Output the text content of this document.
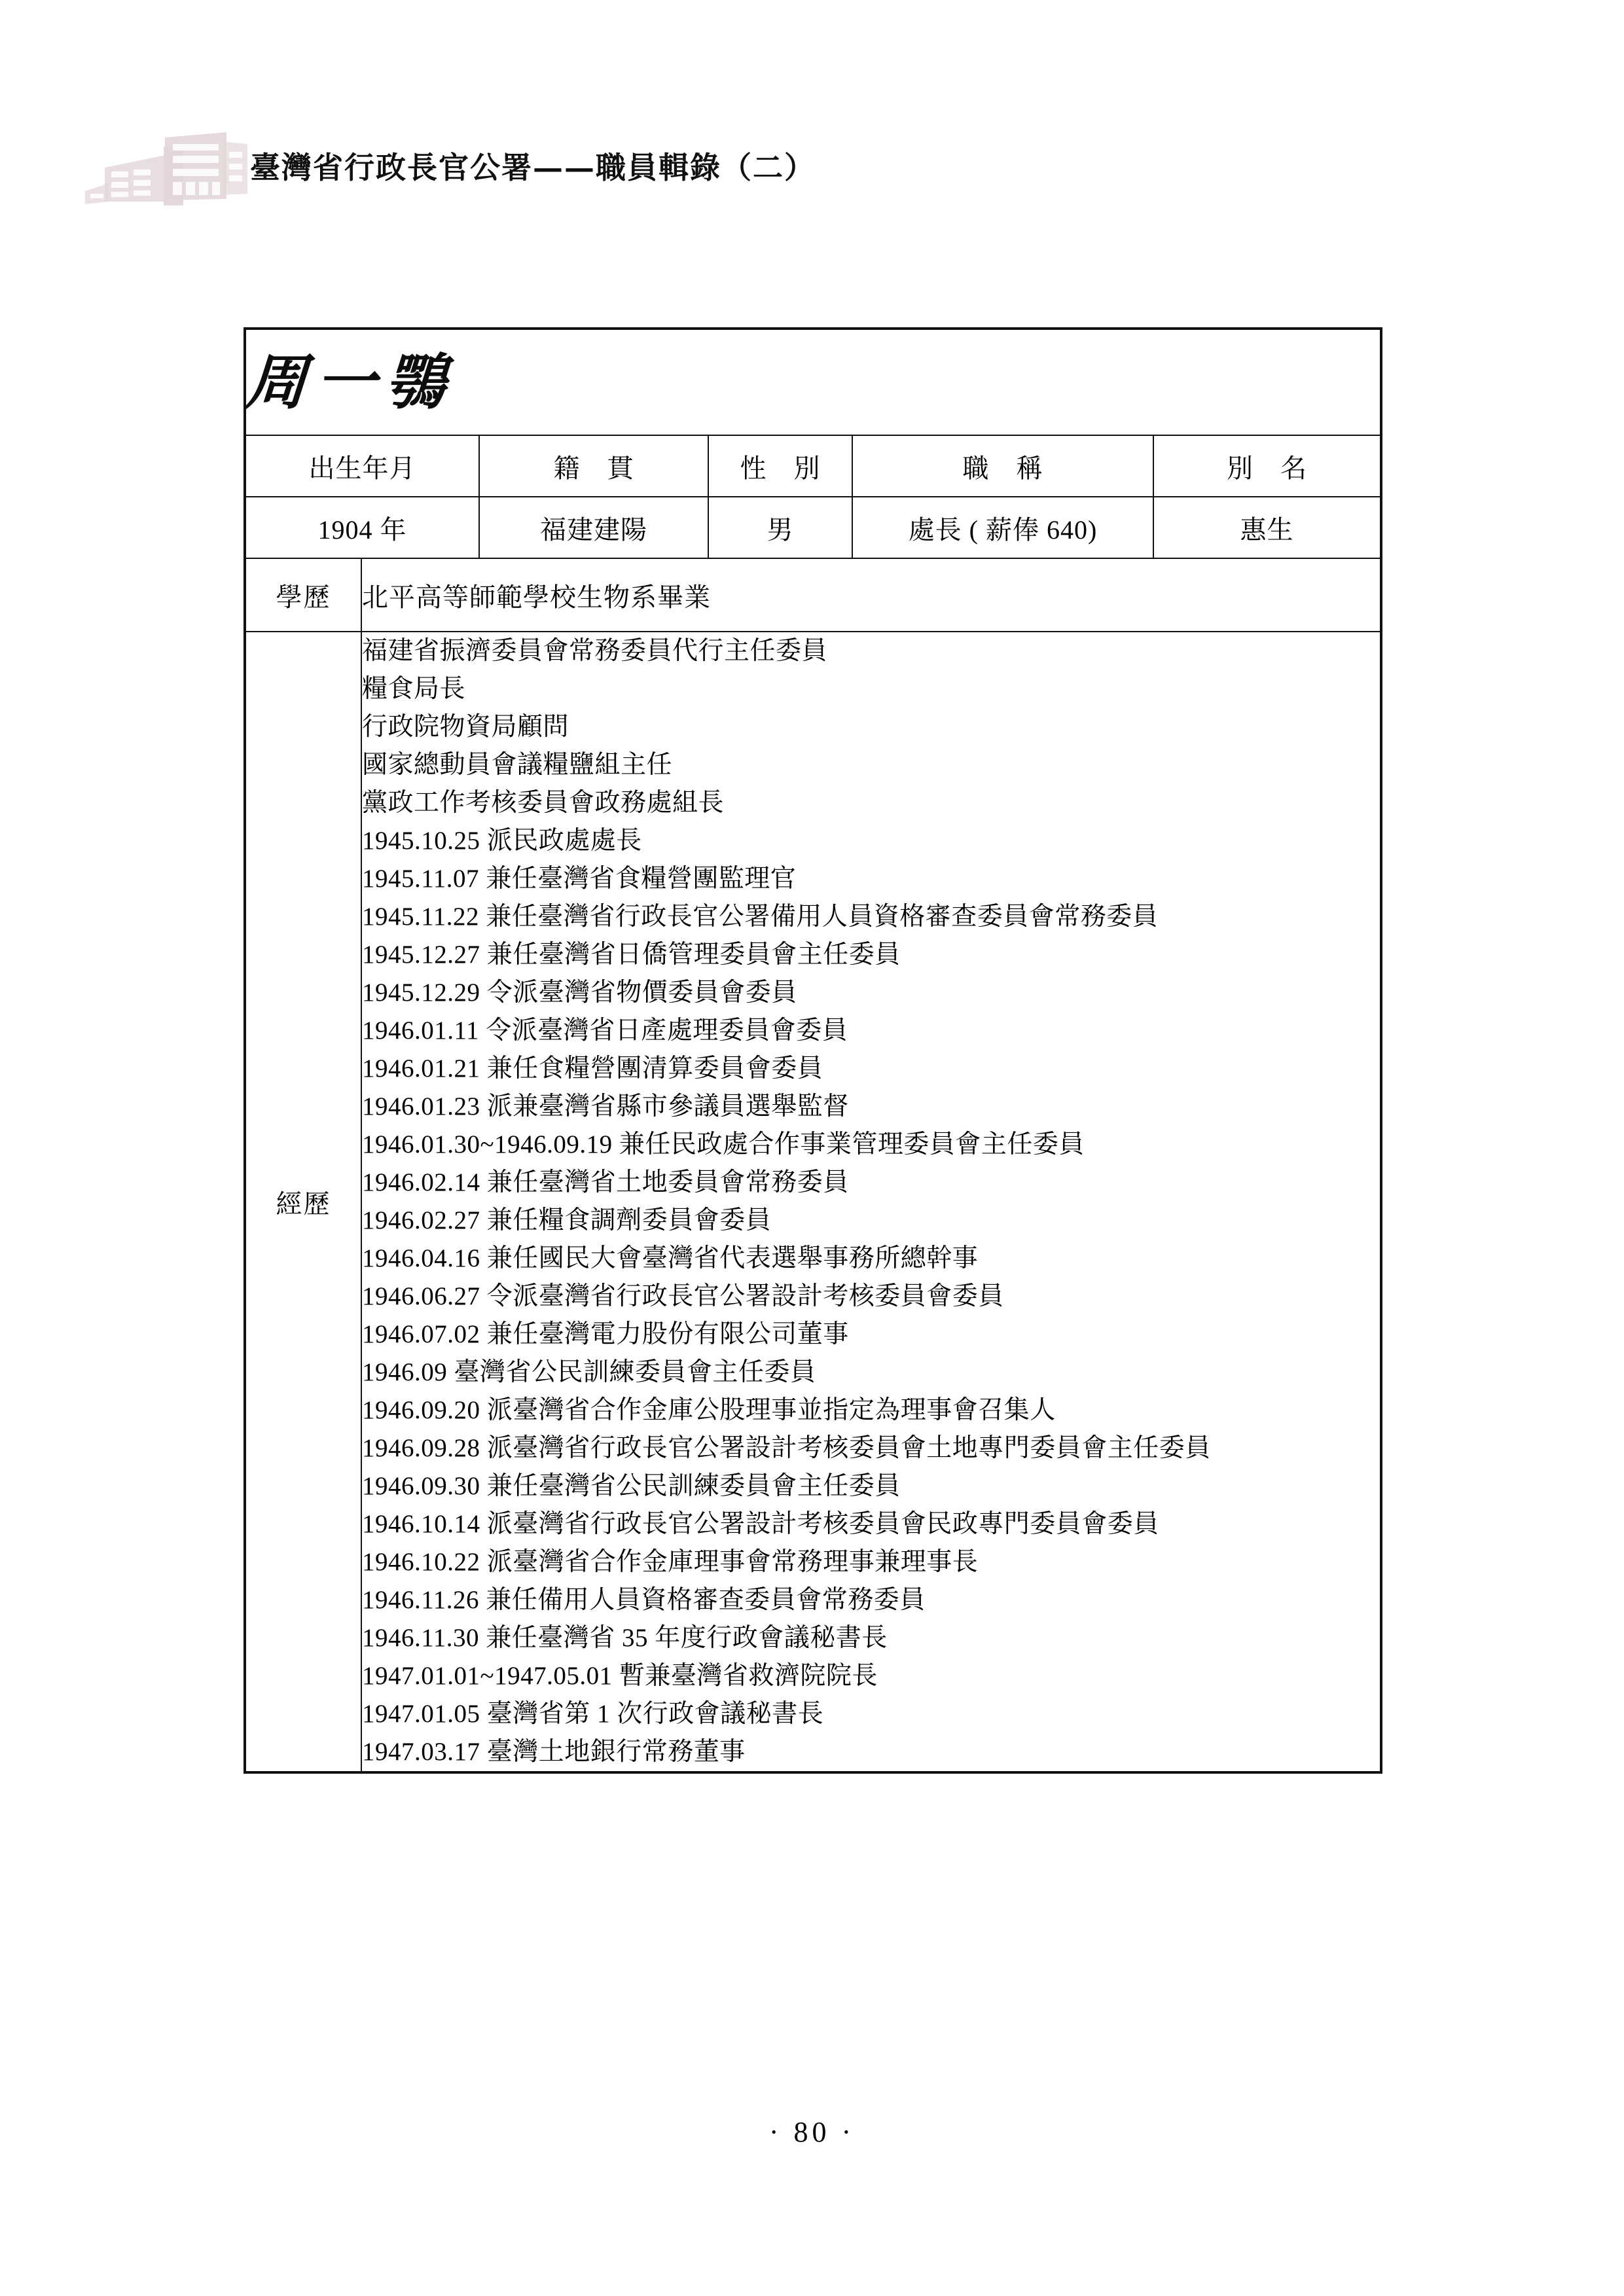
臺灣省行政長官公署——職員輯錄（二）
周一鶚					
出生年月		籍　貫	性　別	職　稱	別　名
1904 年		福建建陽	男	處長 ( 薪俸 640)	惠生
學歷	北平高等師範學校生物系畢業				
經歷	
福建省振濟委員會常務委員代行主任委員
糧食局長
行政院物資局顧問
國家總動員會議糧鹽組主任
黨政工作考核委員會政務處組長
1945.10.25 派民政處處長
1945.11.07 兼任臺灣省食糧營團監理官
1945.11.22 兼任臺灣省行政長官公署備用人員資格審查委員會常務委員
1945.12.27 兼任臺灣省日僑管理委員會主任委員
1945.12.29 令派臺灣省物價委員會委員
1946.01.11 令派臺灣省日產處理委員會委員
1946.01.21 兼任食糧營團清算委員會委員
1946.01.23 派兼臺灣省縣市參議員選舉監督
1946.01.30~1946.09.19 兼任民政處合作事業管理委員會主任委員
1946.02.14 兼任臺灣省土地委員會常務委員
1946.02.27 兼任糧食調劑委員會委員
1946.04.16 兼任國民大會臺灣省代表選舉事務所總幹事
1946.06.27 令派臺灣省行政長官公署設計考核委員會委員
1946.07.02 兼任臺灣電力股份有限公司董事
1946.09 臺灣省公民訓練委員會主任委員
1946.09.20 派臺灣省合作金庫公股理事並指定為理事會召集人
1946.09.28 派臺灣省行政長官公署設計考核委員會土地專門委員會主任委員
1946.09.30 兼任臺灣省公民訓練委員會主任委員
1946.10.14 派臺灣省行政長官公署設計考核委員會民政專門委員會委員
1946.10.22 派臺灣省合作金庫理事會常務理事兼理事長
1946.11.26 兼任備用人員資格審查委員會常務委員
1946.11.30 兼任臺灣省 35 年度行政會議秘書長
1947.01.01~1947.05.01 暫兼臺灣省救濟院院長
1947.01.05 臺灣省第 1 次行政會議秘書長
1947.03.17 臺灣土地銀行常務董事
· 80 ·
